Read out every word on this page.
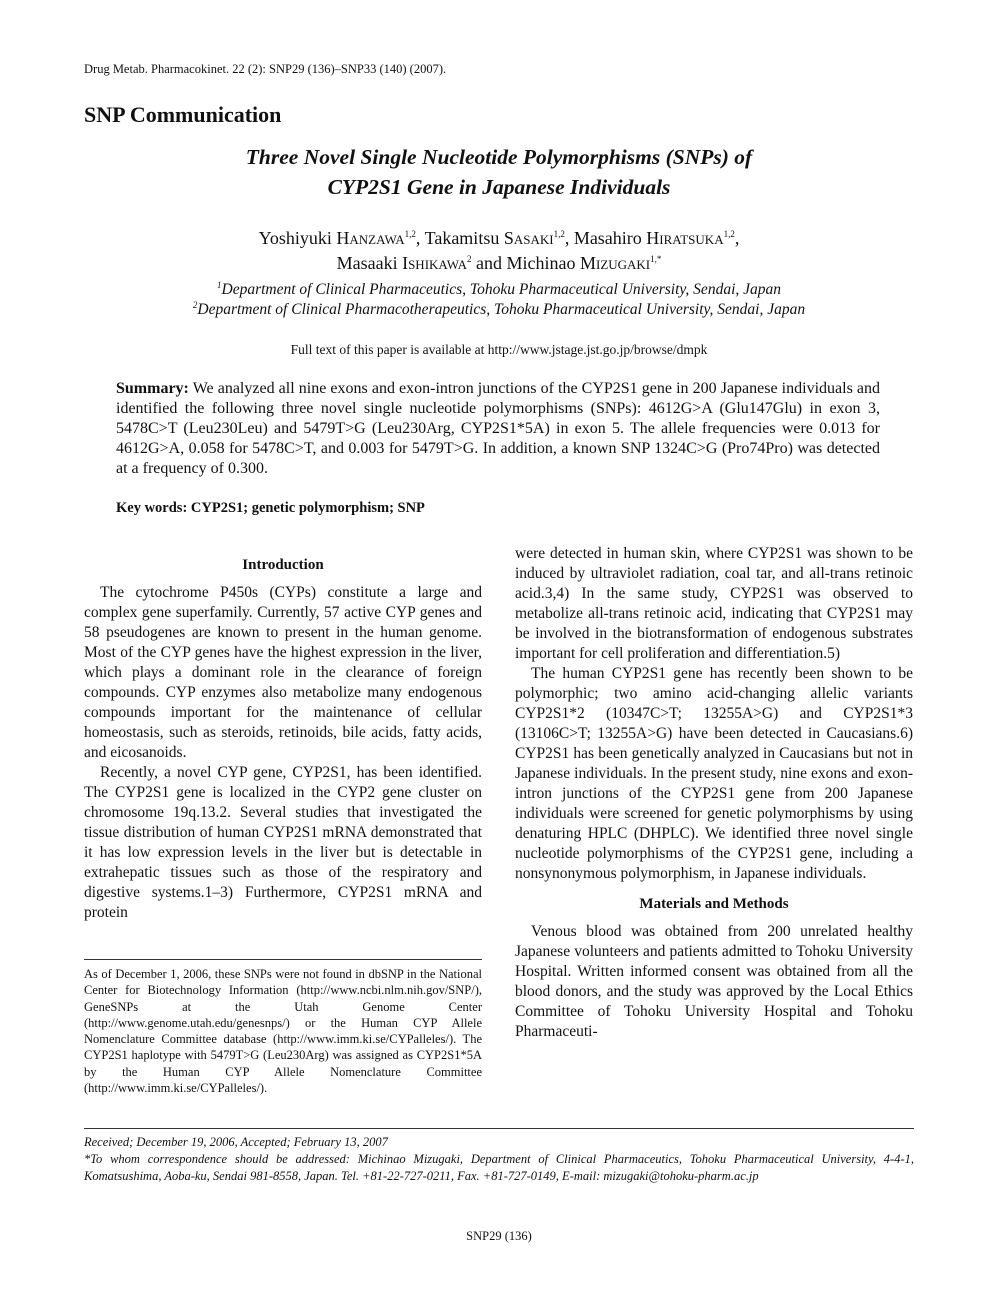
Drug Metab. Pharmacokinet. 22 (2): SNP29 (136)–SNP33 (140) (2007).
SNP Communication
Three Novel Single Nucleotide Polymorphisms (SNPs) of
CYP2S1 Gene in Japanese Individuals
Yoshiyuki Hanzawa$^{1,2}$, Takamitsu Sasaki$^{1,2}$, Masahiro Hiratsuka$^{1,2}$,
Masaaki Ishikawa$^2$ and Michinao Mizugaki$^{1,*}$
$^1$Department of Clinical Pharmaceutics, Tohoku Pharmaceutical University, Sendai, Japan
$^2$Department of Clinical Pharmacotherapeutics, Tohoku Pharmaceutical University, Sendai, Japan
Full text of this paper is available at http://www.jstage.jst.go.jp/browse/dmpk
Summary: We analyzed all nine exons and exon-intron junctions of the CYP2S1 gene in 200 Japanese individuals and identified the following three novel single nucleotide polymorphisms (SNPs): 4612G>A (Glu147Glu) in exon 3, 5478C>T (Leu230Leu) and 5479T>G (Leu230Arg, CYP2S1*5A) in exon 5. The allele frequencies were 0.013 for 4612G>A, 0.058 for 5478C>T, and 0.003 for 5479T>G. In addition, a known SNP 1324C>G (Pro74Pro) was detected at a frequency of 0.300.
Key words: CYP2S1; genetic polymorphism; SNP
Introduction

The cytochrome P450s (CYPs) constitute a large and complex gene superfamily. Currently, 57 active CYP genes and 58 pseudogenes are known to present in the human genome. Most of the CYP genes have the highest expression in the liver, which plays a dominant role in the clearance of foreign compounds. CYP enzymes also metabolize many endogenous compounds important for the maintenance of cellular homeostasis, such as steroids, retinoids, bile acids, fatty acids, and eicosanoids.

Recently, a novel CYP gene, CYP2S1, has been identified. The CYP2S1 gene is localized in the CYP2 gene cluster on chromosome 19q.13.2. Several studies that investigated the tissue distribution of human CYP2S1 mRNA demonstrated that it has low expression levels in the liver but is detectable in extrahepatic tissues such as those of the respiratory and digestive systems.1–3) Furthermore, CYP2S1 mRNA and protein

As of December 1, 2006, these SNPs were not found in dbSNP in the National Center for Biotechnology Information (http://www.ncbi.nlm.nih.gov/SNP/), GeneSNPs at the Utah Genome Center (http://www.genome.utah.edu/genesnps/) or the Human CYP Allele Nomenclature Committee database (http://www.imm.ki.se/CYPalleles/). The CYP2S1 haplotype with 5479T>G (Leu230Arg) was assigned as CYP2S1*5A by the Human CYP Allele Nomenclature Committee (http://www.imm.ki.se/CYPalleles/).

were detected in human skin, where CYP2S1 was shown to be induced by ultraviolet radiation, coal tar, and all-trans retinoic acid.3,4) In the same study, CYP2S1 was observed to metabolize all-trans retinoic acid, indicating that CYP2S1 may be involved in the biotransformation of endogenous substrates important for cell proliferation and differentiation.5)

The human CYP2S1 gene has recently been shown to be polymorphic; two amino acid-changing allelic variants CYP2S1*2 (10347C>T; 13255A>G) and CYP2S1*3 (13106C>T; 13255A>G) have been detected in Caucasians.6) CYP2S1 has been genetically analyzed in Caucasians but not in Japanese individuals. In the present study, nine exons and exon-intron junctions of the CYP2S1 gene from 200 Japanese individuals were screened for genetic polymorphisms by using denaturing HPLC (DHPLC). We identified three novel single nucleotide polymorphisms of the CYP2S1 gene, including a nonsynonymous polymorphism, in Japanese individuals.

Materials and Methods

Venous blood was obtained from 200 unrelated healthy Japanese volunteers and patients admitted to Tohoku University Hospital. Written informed consent was obtained from all the blood donors, and the study was approved by the Local Ethics Committee of Tohoku University Hospital and Tohoku Pharmaceuti-

Received; December 19, 2006, Accepted; February 13, 2007
*To whom correspondence should be addressed: Michinao Mizugaki, Department of Clinical Pharmaceutics, Tohoku Pharmaceutical University, 4-4-1, Komatsushima, Aoba-ku, Sendai 981-8558, Japan. Tel. +81-22-727-0211, Fax. +81-727-0149, E-mail: mizugaki@tohoku-pharm.ac.jp
SNP29 (136)
